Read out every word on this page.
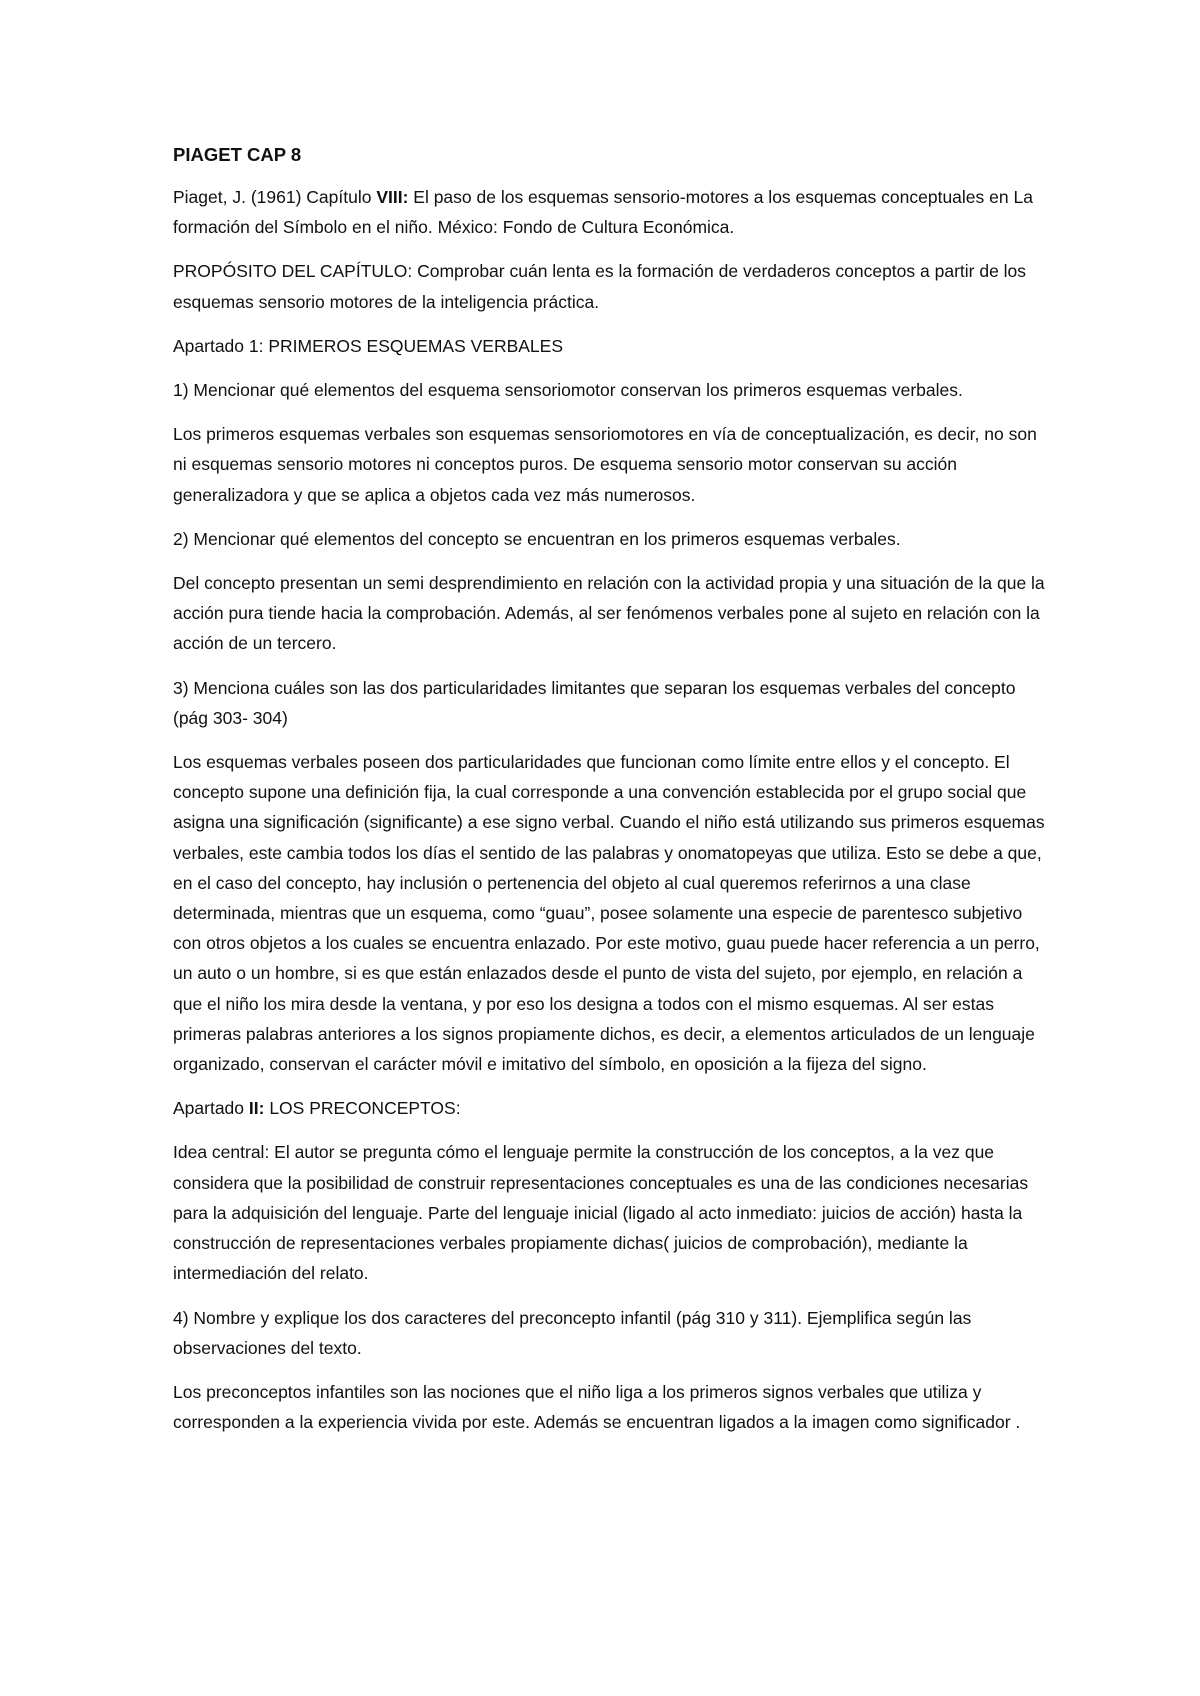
PIAGET CAP 8

Piaget, J. (1961) Capítulo VIII: El paso de los esquemas sensorio-motores a los esquemas conceptuales en La formación del Símbolo en el niño. México: Fondo de Cultura Económica.

PROPÓSITO DEL CAPÍTULO: Comprobar cuán lenta es la formación de verdaderos conceptos a partir de los esquemas sensorio motores de la inteligencia práctica.

Apartado 1: PRIMEROS ESQUEMAS VERBALES

1) Mencionar qué elementos del esquema sensoriomotor conservan los primeros esquemas verbales.

Los primeros esquemas verbales son esquemas sensoriomotores en vía de conceptualización, es decir, no son ni esquemas sensorio motores ni conceptos puros. De esquema sensorio motor conservan su acción generalizadora y que se aplica a objetos cada vez más numerosos.

2) Mencionar qué elementos del concepto se encuentran en los primeros esquemas verbales.

Del concepto presentan un semi desprendimiento en relación con la actividad propia y una situación de la que la acción pura tiende hacia la comprobación. Además, al ser fenómenos verbales pone al sujeto en relación con la acción de un tercero.

3) Menciona cuáles son las dos particularidades limitantes que separan los esquemas verbales del concepto (pág 303- 304)

Los esquemas verbales poseen dos particularidades que funcionan como límite entre ellos y el concepto. El concepto supone una definición fija, la cual corresponde a una convención establecida por el grupo social que asigna una significación (significante) a ese signo verbal. Cuando el niño está utilizando sus primeros esquemas verbales, este cambia todos los días el sentido de las palabras y onomatopeyas que utiliza. Esto se debe a que, en el caso del concepto, hay inclusión o pertenencia del objeto al cual queremos referirnos a una clase determinada, mientras que un esquema, como “guau”, posee solamente una especie de parentesco subjetivo con otros objetos a los cuales se encuentra enlazado. Por este motivo, guau puede hacer referencia a un perro, un auto o un hombre, si es que están enlazados desde el punto de vista del sujeto, por ejemplo, en relación a que el niño los mira desde la ventana, y por eso los designa a todos con el mismo esquemas. Al ser estas primeras palabras anteriores a los signos propiamente dichos, es decir, a elementos articulados de un lenguaje organizado, conservan el carácter móvil e imitativo del símbolo, en oposición a la fijeza del signo.

Apartado II: LOS PRECONCEPTOS:

Idea central: El autor se pregunta cómo el lenguaje permite la construcción de los conceptos, a la vez que considera que la posibilidad de construir representaciones conceptuales es una de las condiciones necesarias para la adquisición del lenguaje. Parte del lenguaje inicial (ligado al acto inmediato: juicios de acción) hasta la construcción de representaciones verbales propiamente dichas( juicios de comprobación), mediante la intermediación del relato.

4) Nombre y explique los dos caracteres del preconcepto infantil (pág 310 y 311). Ejemplifica según las observaciones del texto.

Los preconceptos infantiles son las nociones que el niño liga a los primeros signos verbales que utiliza y corresponden a la experiencia vivida por este. Además se encuentran ligados a la imagen como significador .
